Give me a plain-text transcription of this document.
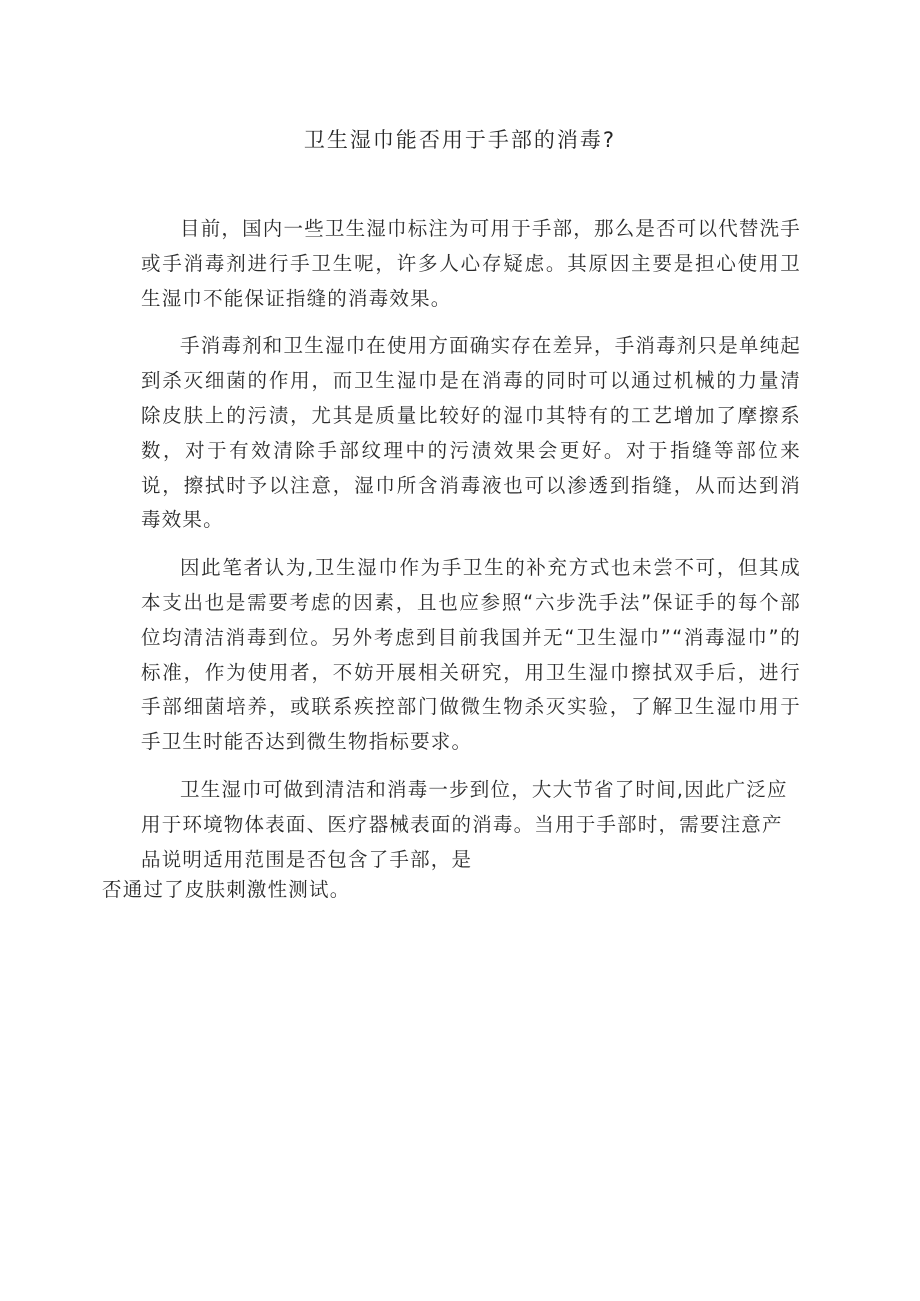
卫生湿巾能否用于手部的消毒?

目前，国内一些卫生湿巾标注为可用于手部，那么是否可以代替洗手或手消毒剂进行手卫生呢，许多人心存疑虑。其原因主要是担心使用卫生湿巾不能保证指缝的消毒效果。

手消毒剂和卫生湿巾在使用方面确实存在差异，手消毒剂只是单纯起到杀灭细菌的作用，而卫生湿巾是在消毒的同时可以通过机械的力量清除皮肤上的污渍，尤其是质量比较好的湿巾其特有的工艺增加了摩擦系数，对于有效清除手部纹理中的污渍效果会更好。对于指缝等部位来说，擦拭时予以注意，湿巾所含消毒液也可以渗透到指缝，从而达到消毒效果。

因此笔者认为,卫生湿巾作为手卫生的补充方式也未尝不可，但其成本支出也是需要考虑的因素，且也应参照“六步洗手法”保证手的每个部位均清洁消毒到位。另外考虑到目前我国并无“卫生湿巾”“消毒湿巾”的标准，作为使用者，不妨开展相关研究，用卫生湿巾擦拭双手后，进行手部细菌培养，或联系疾控部门做微生物杀灭实验，了解卫生湿巾用于手卫生时能否达到微生物指标要求。

卫生湿巾可做到清洁和消毒一步到位，大大节省了时间,因此广泛应用于环境物体表面、医疗器械表面的消毒。当用于手部时，需要注意产品说明适用范围是否包含了手部，是
否通过了皮肤刺激性测试。
